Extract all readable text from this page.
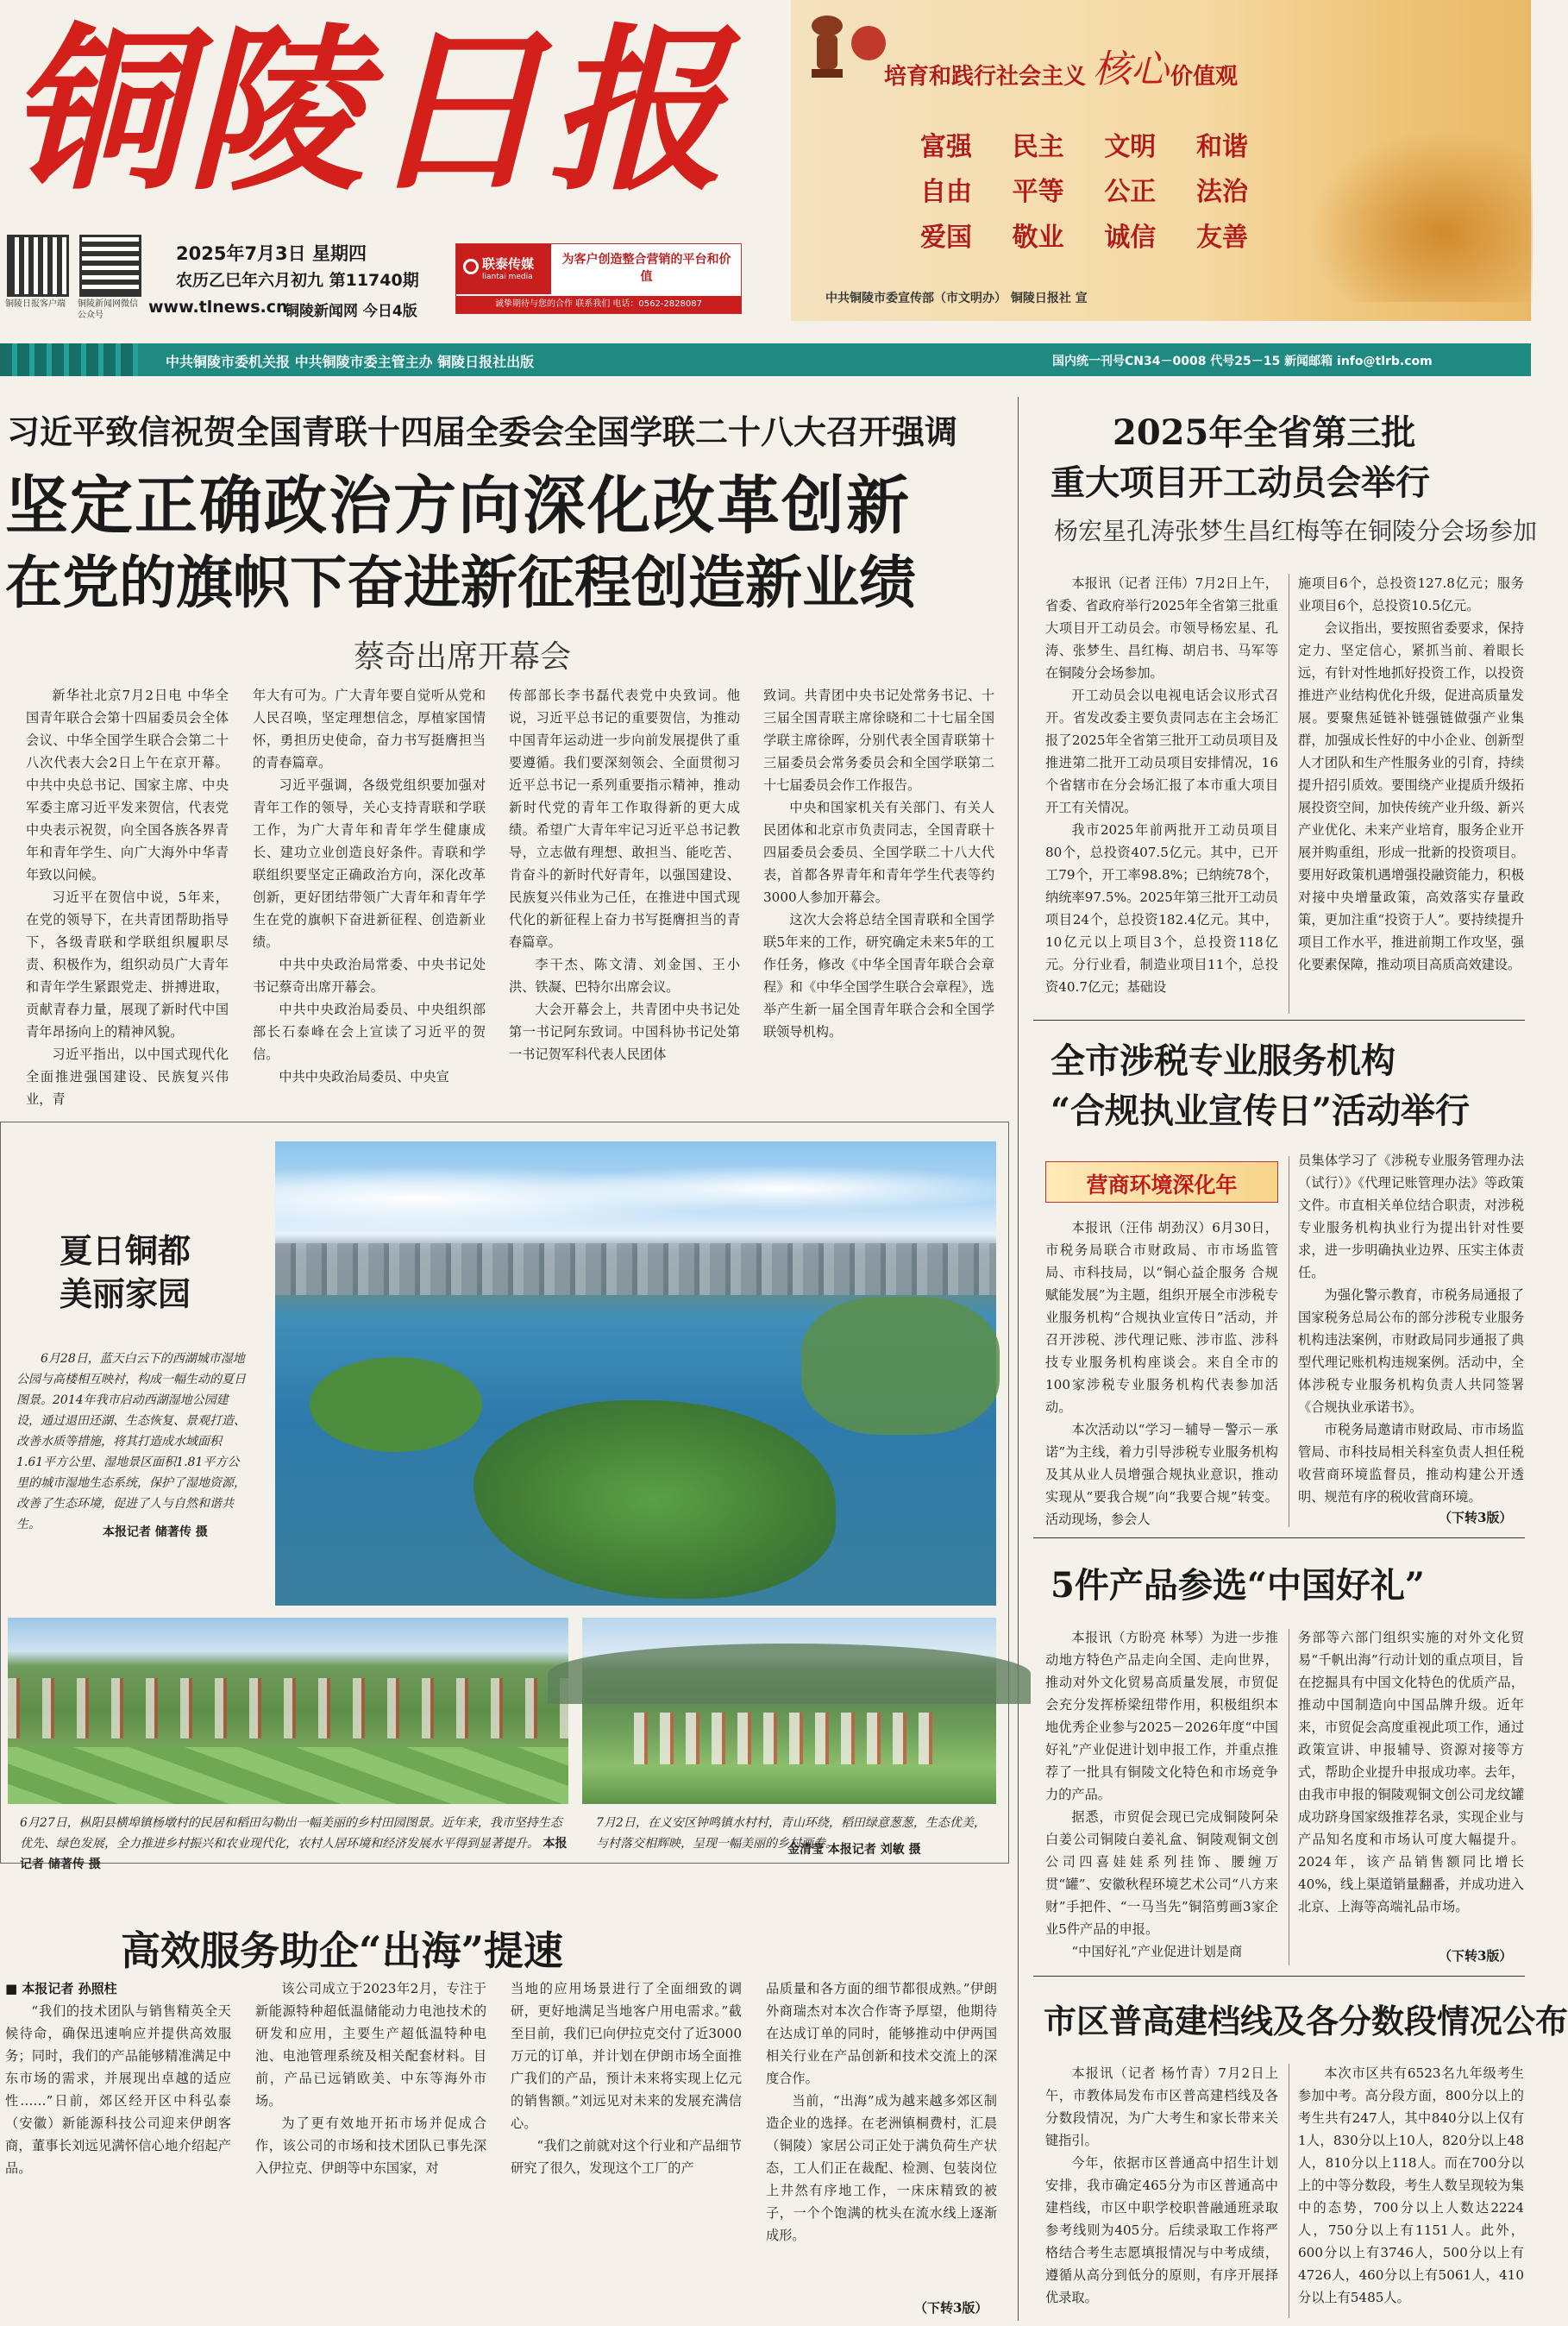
铜陵日报
铜陵日报客户端 铜陵新闻网微信公众号
2025年7月3日 星期四
农历乙巳年六月初九 第11740期
www.tlnews.cn
铜陵新闻网 今日4版
联泰传媒
liantai media
为客户创造整合营销的平台和价值
诚挚期待与您的合作 联系我们 电话：0562-2828087
培育和践行社会主义 核心 价值观
富强 民主 文明 和谐
自由 平等 公正 法治
爱国 敬业 诚信 友善
中共铜陵市委宣传部（市文明办） 铜陵日报社 宣
中共铜陵市委机关报 中共铜陵市委主管主办 铜陵日报社出版	国内统一刊号CN34－0008 代号25－15 新闻邮箱 info@tlrb.com
习近平致信祝贺全国青联十四届全委会全国学联二十八大召开强调
坚定正确政治方向深化改革创新
在党的旗帜下奋进新征程创造新业绩
蔡奇出席开幕会

新华社北京7月2日电 中华全国青年联合会第十四届委员会全体会议、中华全国学生联合会第二十八次代表大会2日上午在京开幕。中共中央总书记、国家主席、中央军委主席习近平发来贺信，代表党中央表示祝贺，向全国各族各界青年和青年学生、向广大海外中华青年致以问候。

习近平在贺信中说，5年来，在党的领导下，在共青团帮助指导下，各级青联和学联组织履职尽责、积极作为，组织动员广大青年和青年学生紧跟党走、拼搏进取，贡献青春力量，展现了新时代中国青年昂扬向上的精神风貌。

习近平指出，以中国式现代化全面推进强国建设、民族复兴伟业，青

年大有可为。广大青年要自觉听从党和人民召唤，坚定理想信念，厚植家国情怀，勇担历史使命，奋力书写挺膺担当的青春篇章。

习近平强调，各级党组织要加强对青年工作的领导，关心支持青联和学联工作，为广大青年和青年学生健康成长、建功立业创造良好条件。青联和学联组织要坚定正确政治方向，深化改革创新，更好团结带领广大青年和青年学生在党的旗帜下奋进新征程、创造新业绩。

中共中央政治局常委、中央书记处书记蔡奇出席开幕会。

中共中央政治局委员、中央组织部部长石泰峰在会上宣读了习近平的贺信。

中共中央政治局委员、中央宣

传部部长李书磊代表党中央致词。他说，习近平总书记的重要贺信，为推动中国青年运动进一步向前发展提供了重要遵循。我们要深刻领会、全面贯彻习近平总书记一系列重要指示精神，推动新时代党的青年工作取得新的更大成绩。希望广大青年牢记习近平总书记教导，立志做有理想、敢担当、能吃苦、肯奋斗的新时代好青年，以强国建设、民族复兴伟业为己任，在推进中国式现代化的新征程上奋力书写挺膺担当的青春篇章。

李干杰、陈文清、刘金国、王小洪、铁凝、巴特尔出席会议。

大会开幕会上，共青团中央书记处第一书记阿东致词。中国科协书记处第一书记贺军科代表人民团体

致词。共青团中央书记处常务书记、十三届全国青联主席徐晓和二十七届全国学联主席徐晖，分别代表全国青联第十三届委员会常务委员会和全国学联第二十七届委员会作工作报告。

中央和国家机关有关部门、有关人民团体和北京市负责同志，全国青联十四届委员会委员、全国学联二十八大代表，首都各界青年和青年学生代表等约3000人参加开幕会。

这次大会将总结全国青联和全国学联5年来的工作，研究确定未来5年的工作任务，修改《中华全国青年联合会章程》和《中华全国学生联合会章程》，选举产生新一届全国青年联合会和全国学联领导机构。

夏日铜都
美丽家园
6月28日，蓝天白云下的西湖城市湿地公园与高楼相互映衬，构成一幅生动的夏日图景。2014年我市启动西湖湿地公园建设，通过退田还湖、生态恢复、景观打造、改善水质等措施，将其打造成水域面积1.61平方公里、湿地景区面积1.81平方公里的城市湿地生态系统，保护了湿地资源，改善了生态环境，促进了人与自然和谐共生。
本报记者 储著传 摄
6月27日，枞阳县横埠镇杨墩村的民居和稻田勾勒出一幅美丽的乡村田园图景。近年来，我市坚持生态优先、绿色发展，全力推进乡村振兴和农业现代化，农村人居环境和经济发展水平得到显著提升。 本报记者 储著传 摄
7月2日，在义安区钟鸣镇水村村，青山环绕，稻田绿意葱葱，生态优美，与村落交相辉映，呈现一幅美丽的乡村画卷。
金清莹 本报记者 刘敏 摄
高效服务助企“出海”提速
■ 本报记者 孙照柱

“我们的技术团队与销售精英全天候待命，确保迅速响应并提供高效服务；同时，我们的产品能够精准满足中东市场的需求，并展现出卓越的适应性……”日前，郊区经开区中科弘泰（安徽）新能源科技公司迎来伊朗客商，董事长刘远见满怀信心地介绍起产品。

该公司成立于2023年2月，专注于新能源特种超低温储能动力电池技术的研发和应用，主要生产超低温特种电池、电池管理系统及相关配套材料。目前，产品已远销欧美、中东等海外市场。

为了更有效地开拓市场并促成合作，该公司的市场和技术团队已事先深入伊拉克、伊朗等中东国家，对

当地的应用场景进行了全面细致的调研，更好地满足当地客户用电需求。”截至目前，我们已向伊拉克交付了近3000万元的订单，并计划在伊朗市场全面推广我们的产品，预计未来将实现上亿元的销售额。”刘远见对未来的发展充满信心。

“我们之前就对这个行业和产品细节研究了很久，发现这个工厂的产

品质量和各方面的细节都很成熟。”伊朗外商瑞杰对本次合作寄予厚望，他期待在达成订单的同时，能够推动中伊两国相关行业在产品创新和技术交流上的深度合作。

当前，“出海”成为越来越多郊区制造企业的选择。在老洲镇桐费村，汇晨（铜陵）家居公司正处于满负荷生产状态，工人们正在裁配、检测、包装岗位上井然有序地工作，一床床精致的被子，一个个饱满的枕头在流水线上逐渐成形。

（下转3版）
2025年全省第三批
重大项目开工动员会举行
杨宏星孔涛张梦生昌红梅等在铜陵分会场参加

本报讯（记者 汪伟）7月2日上午，省委、省政府举行2025年全省第三批重大项目开工动员会。市领导杨宏星、孔涛、张梦生、昌红梅、胡启书、马军等在铜陵分会场参加。

开工动员会以电视电话会议形式召开。省发改委主要负责同志在主会场汇报了2025年全省第三批开工动员项目及推进第二批开工动员项目安排情况，16个省辖市在分会场汇报了本市重大项目开工有关情况。

我市2025年前两批开工动员项目80个，总投资407.5亿元。其中，已开工79个，开工率98.8%；已纳统78个，纳统率97.5%。2025年第三批开工动员项目24个，总投资182.4亿元。其中，10亿元以上项目3个，总投资118亿元。分行业看，制造业项目11个，总投资40.7亿元；基础设

施项目6个，总投资127.8亿元；服务业项目6个，总投资10.5亿元。

会议指出，要按照省委要求，保持定力、坚定信心，紧抓当前、着眼长远，有针对性地抓好投资工作，以投资推进产业结构优化升级，促进高质量发展。要聚焦延链补链强链做强产业集群，加强成长性好的中小企业、创新型人才团队和生产性服务业的引育，持续提升招引质效。要围绕产业提质升级拓展投资空间，加快传统产业升级、新兴产业优化、未来产业培育，服务企业开展并购重组，形成一批新的投资项目。要用好政策机遇增强投融资能力，积极对接中央增量政策，高效落实存量政策，更加注重“投资于人”。要持续提升项目工作水平，推进前期工作攻坚，强化要素保障，推动项目高质高效建设。

全市涉税专业服务机构
“合规执业宣传日”活动举行
营商环境深化年

本报讯（汪伟 胡劲汉）6月30日，市税务局联合市财政局、市市场监管局、市科技局，以“铜心益企服务 合规赋能发展”为主题，组织开展全市涉税专业服务机构“合规执业宣传日”活动，并召开涉税、涉代理记账、涉市监、涉科技专业服务机构座谈会。来自全市的100家涉税专业服务机构代表参加活动。

本次活动以“学习－辅导－警示－承诺”为主线，着力引导涉税专业服务机构及其从业人员增强合规执业意识，推动实现从“要我合规”向“我要合规”转变。活动现场，参会人

员集体学习了《涉税专业服务管理办法（试行）》《代理记账管理办法》等政策文件。市直相关单位结合职责，对涉税专业服务机构执业行为提出针对性要求，进一步明确执业边界、压实主体责任。

为强化警示教育，市税务局通报了国家税务总局公布的部分涉税专业服务机构违法案例，市财政局同步通报了典型代理记账机构违规案例。活动中，全体涉税专业服务机构负责人共同签署《合规执业承诺书》。

市税务局邀请市财政局、市市场监管局、市科技局相关科室负责人担任税收营商环境监督员，推动构建公开透明、规范有序的税收营商环境。

（下转3版）
5件产品参选“中国好礼”

本报讯（方盼亮 林琴）为进一步推动地方特色产品走向全国、走向世界，推动对外文化贸易高质量发展，市贸促会充分发挥桥梁纽带作用，积极组织本地优秀企业参与2025－2026年度“中国好礼”产业促进计划申报工作，并重点推荐了一批具有铜陵文化特色和市场竞争力的产品。

据悉，市贸促会现已完成铜陵阿朵白姜公司铜陵白姜礼盒、铜陵观铜文创公司四喜娃娃系列挂饰、腰缠万贯“罐”、安徽秋程环境艺术公司“八方来财”手把件、“一马当先”铜箔剪画3家企业5件产品的申报。

“中国好礼”产业促进计划是商

务部等六部门组织实施的对外文化贸易“千帆出海”行动计划的重点项目，旨在挖掘具有中国文化特色的优质产品，推动中国制造向中国品牌升级。近年来，市贸促会高度重视此项工作，通过政策宣讲、申报辅导、资源对接等方式，帮助企业提升申报成功率。去年，由我市申报的铜陵观铜文创公司龙纹罐成功跻身国家级推荐名录，实现企业与产品知名度和市场认可度大幅提升。2024年，该产品销售额同比增长40%，线上渠道销量翻番，并成功进入北京、上海等高端礼品市场。

（下转3版）
市区普高建档线及各分数段情况公布

本报讯（记者 杨竹青）7月2日上午，市教体局发布市区普高建档线及各分数段情况，为广大考生和家长带来关键指引。

今年，依据市区普通高中招生计划安排，我市确定465分为市区普通高中建档线，市区中职学校职普融通班录取参考线则为405分。后续录取工作将严格结合考生志愿填报情况与中考成绩，遵循从高分到低分的原则，有序开展择优录取。

本次市区共有6523名九年级考生参加中考。高分段方面，800分以上的考生共有247人，其中840分以上仅有1人，830分以上10人，820分以上48人，810分以上118人。而在700分以上的中等分数段，考生人数呈现较为集中的态势，700分以上人数达2224人，750分以上有1151人。此外，600分以上有3746人，500分以上有4726人，460分以上有5061人，410分以上有5485人。
